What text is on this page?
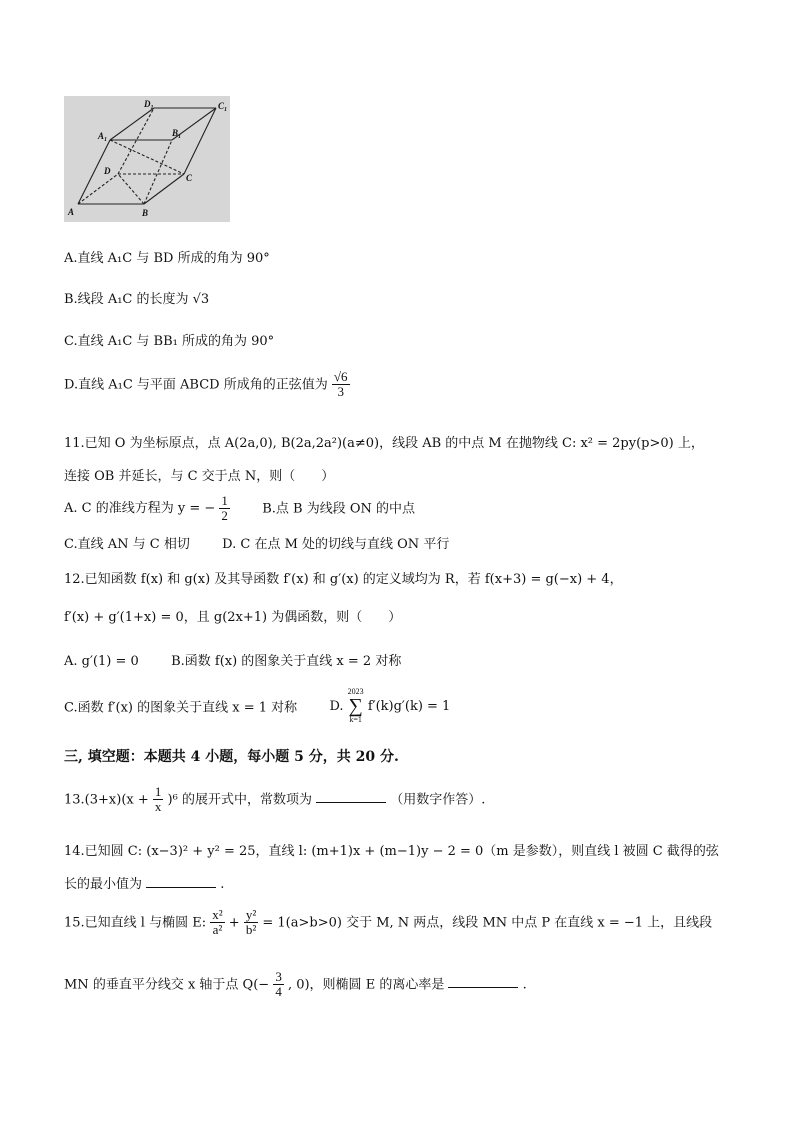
$D_1$	$C_1$
$A_1$
$B_1$
D
C
A	B
A.直线 A₁C 与 BD 所成的角为 90°
B.线段 A₁C 的长度为 √3
C.直线 A₁C 与 BB₁ 所成的角为 90°
D.直线 A₁C 与平面 ABCD 所成角的正弦值为 $\frac{√6}{3}$
11.已知 O 为坐标原点，点 A(2a,0), B(2a,2a²)(a≠0)，线段 AB 的中点 M 在抛物线 C: x² = 2py(p>0) 上，
连接 OB 并延长，与 C 交于点 N，则（　　）
A. C 的准线方程为 y = − $\frac{1}{2} B$.点 B 为线段 ON 的中点
C.直线 AN 与 C 相切 D. C 在点 M 处的切线与直线 ON 平行
12.已知函数 f(x) 和 g(x) 及其导函数 f′(x) 和 g′(x) 的定义域均为 R，若 f(x+3) = g(−x) + 4，
f′(x) + g′(1+x) = 0，且 g(2x+1) 为偶函数，则（　　）
A. g′(1) = 0 B.函数 f(x) 的图象关于直线 x = 2 对称
C.函数 f′(x) 的图象关于直线 x = 1 对称 D.
2023
∑
k=1
f′(k)g′(k) = 1
三, 填空题：本题共 4 小题，每小题 5 分，共 20 分.
$13.(3+x)(x + \frac{1}{x} )^6$ 的展开式中，常数项为	（用数字作答）.
14.已知圆 C: (x−3)² + y² = 25，直线 l: (m+1)x + (m−1)y − 2 = 0（m 是参数），则直线 l 被圆 C 截得的弦
长的最小值为	.
15.已知直线 l 与椭圆 E: $\frac{\text{x²}}{\text{a²}} + \frac{\text{y²}}{\text{b²}} = 1(a>b>0)$ 交于 M, N 两点，线段 MN 中点 P 在直线 x = −1 上，且线段
MN 的垂直平分线交 x 轴于点 $Q(- \frac{3}{4}$ , 0)，则椭圆 E 的离心率是	.
